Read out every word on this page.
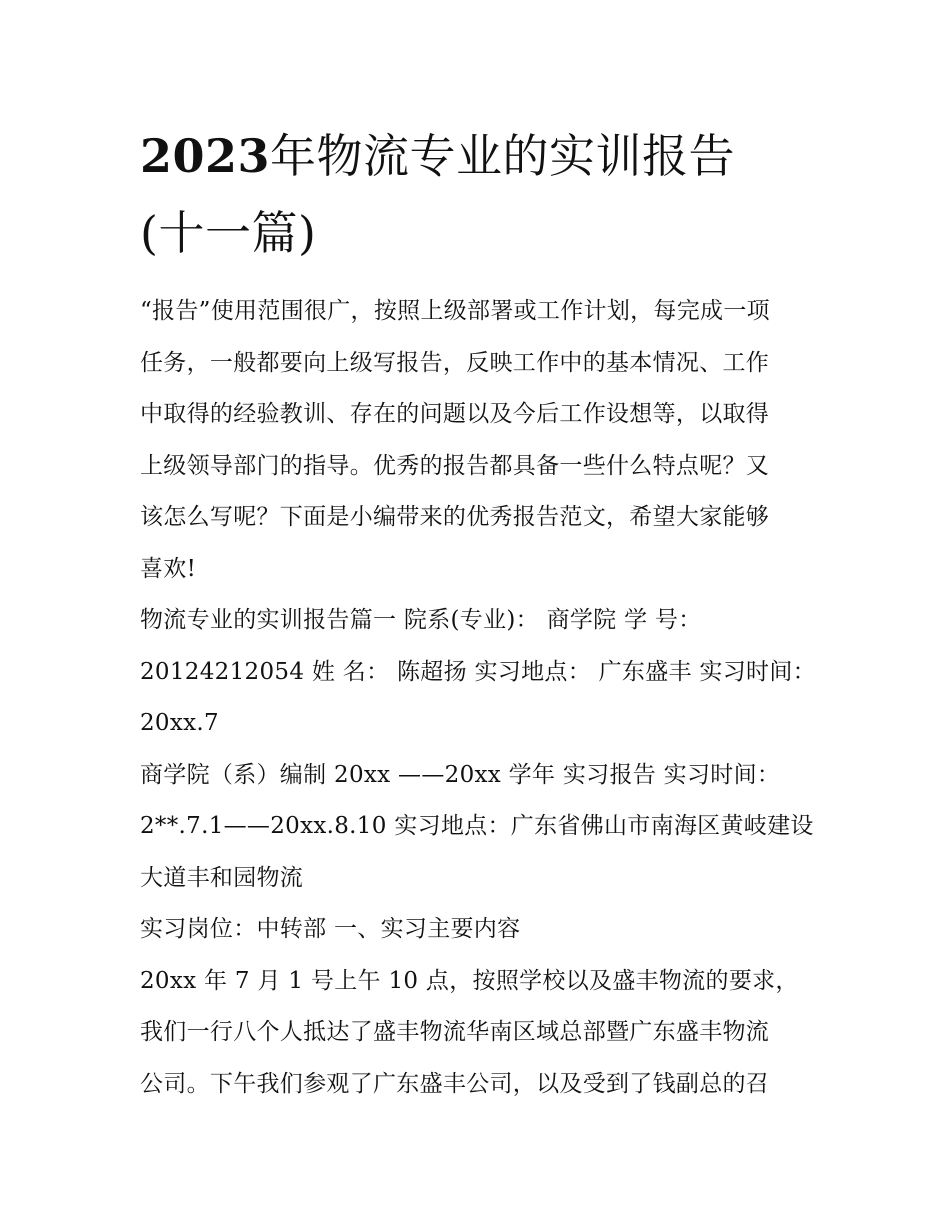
2023年物流专业的实训报告
(十一篇)
“报告”使用范围很广，按照上级部署或工作计划，每完成一项
任务，一般都要向上级写报告，反映工作中的基本情况、工作
中取得的经验教训、存在的问题以及今后工作设想等，以取得
上级领导部门的指导。优秀的报告都具备一些什么特点呢？又
该怎么写呢？下面是小编带来的优秀报告范文，希望大家能够
喜欢!
物流专业的实训报告篇一 院系(专业)： 商学院 学 号：
20124212054 姓 名： 陈超扬 实习地点： 广东盛丰 实习时间：
20xx.7
商学院（系）编制 20xx ——20xx 学年 实习报告 实习时间：
2**.7.1——20xx.8.10 实习地点：广东省佛山市南海区黄岐建设
大道丰和园物流
实习岗位：中转部 一、实习主要内容
20xx 年 7 月 1 号上午 10 点，按照学校以及盛丰物流的要求，
我们一行八个人抵达了盛丰物流华南区域总部暨广东盛丰物流
公司。下午我们参观了广东盛丰公司，以及受到了钱副总的召
